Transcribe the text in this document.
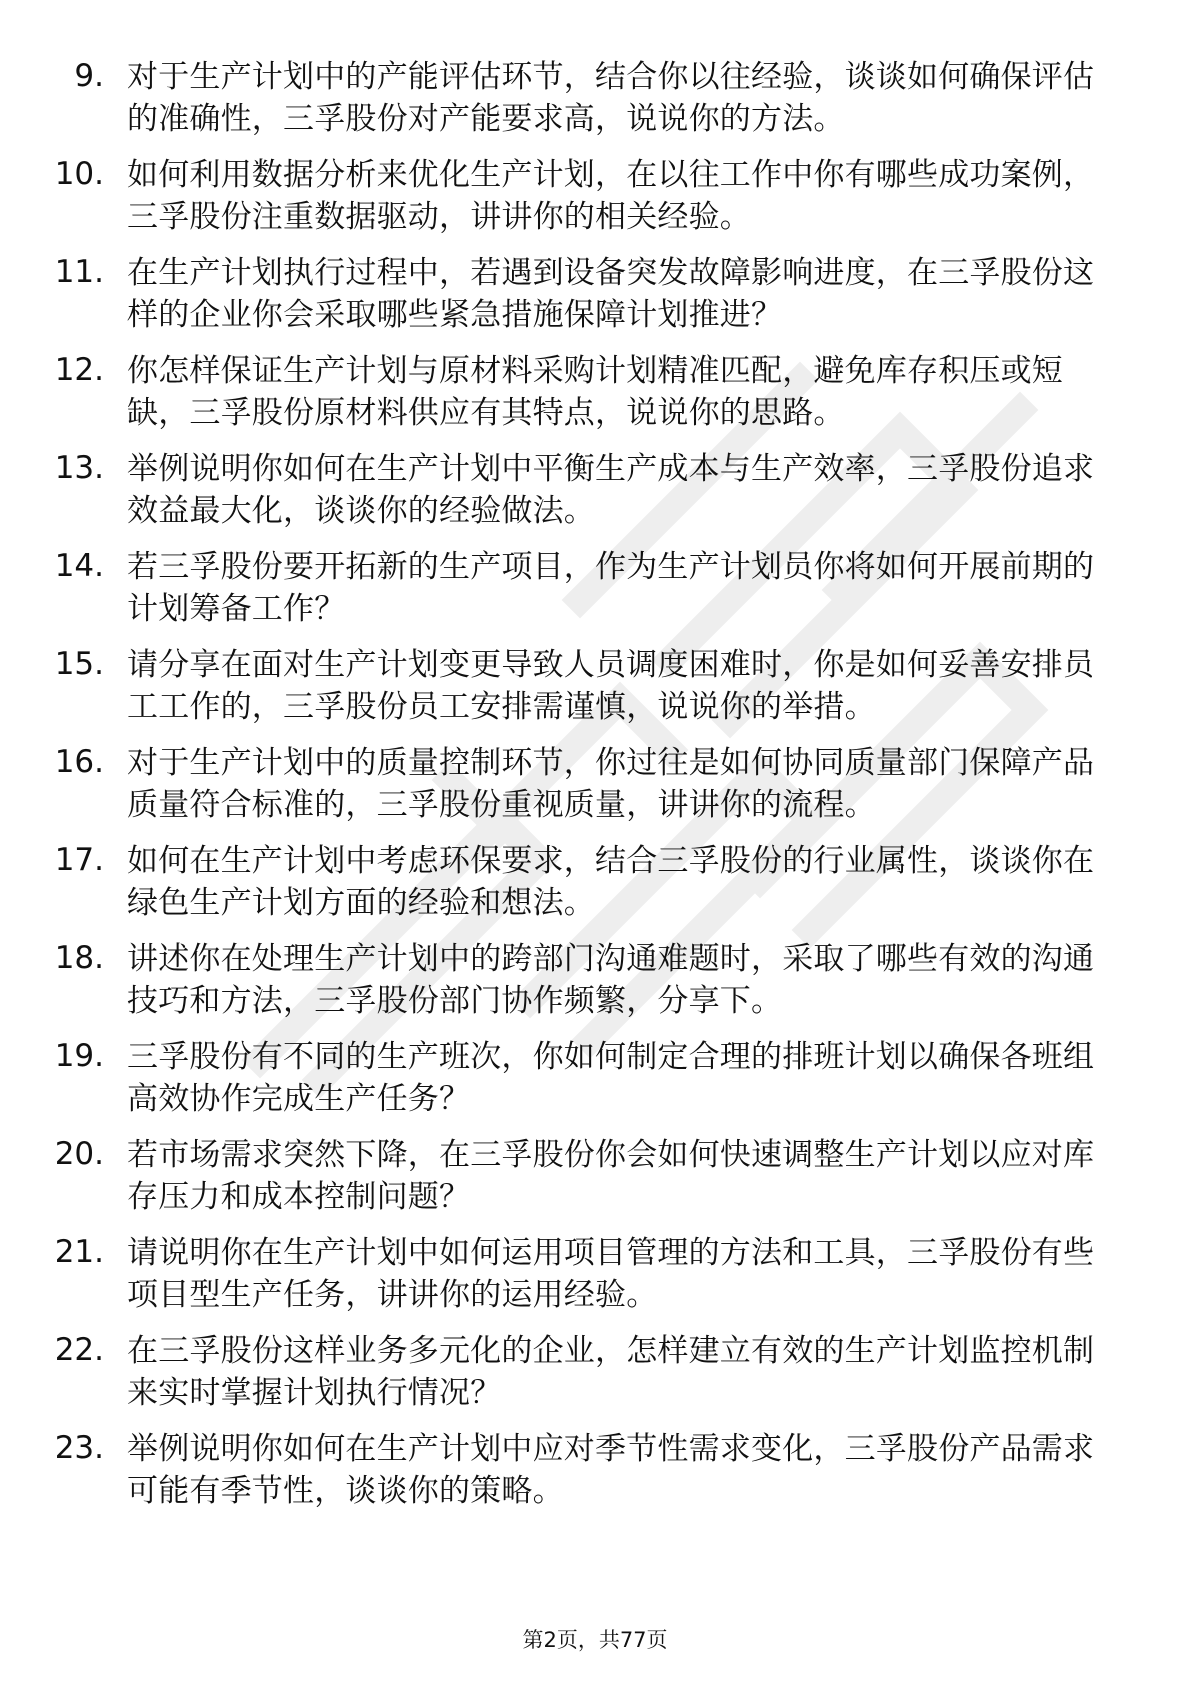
9. 对于生产计划中的产能评估环节，结合你以往经验，谈谈如何确保评估的准确性，三孚股份对产能要求高，说说你的方法。
10. 如何利用数据分析来优化生产计划，在以往工作中你有哪些成功案例，三孚股份注重数据驱动，讲讲你的相关经验。
11. 在生产计划执行过程中，若遇到设备突发故障影响进度，在三孚股份这样的企业你会采取哪些紧急措施保障计划推进？
12. 你怎样保证生产计划与原材料采购计划精准匹配，避免库存积压或短缺，三孚股份原材料供应有其特点，说说你的思路。
13. 举例说明你如何在生产计划中平衡生产成本与生产效率，三孚股份追求效益最大化，谈谈你的经验做法。
14. 若三孚股份要开拓新的生产项目，作为生产计划员你将如何开展前期的计划筹备工作？
15. 请分享在面对生产计划变更导致人员调度困难时，你是如何妥善安排员工工作的，三孚股份员工安排需谨慎，说说你的举措。
16. 对于生产计划中的质量控制环节，你过往是如何协同质量部门保障产品质量符合标准的，三孚股份重视质量，讲讲你的流程。
17. 如何在生产计划中考虑环保要求，结合三孚股份的行业属性，谈谈你在绿色生产计划方面的经验和想法。
18. 讲述你在处理生产计划中的跨部门沟通难题时，采取了哪些有效的沟通技巧和方法，三孚股份部门协作频繁，分享下。
19. 三孚股份有不同的生产班次，你如何制定合理的排班计划以确保各班组高效协作完成生产任务？
20. 若市场需求突然下降，在三孚股份你会如何快速调整生产计划以应对库存压力和成本控制问题？
21. 请说明你在生产计划中如何运用项目管理的方法和工具，三孚股份有些项目型生产任务，讲讲你的运用经验。
22. 在三孚股份这样业务多元化的企业，怎样建立有效的生产计划监控机制来实时掌握计划执行情况？
23. 举例说明你如何在生产计划中应对季节性需求变化，三孚股份产品需求可能有季节性，谈谈你的策略。
第2页，共77页
